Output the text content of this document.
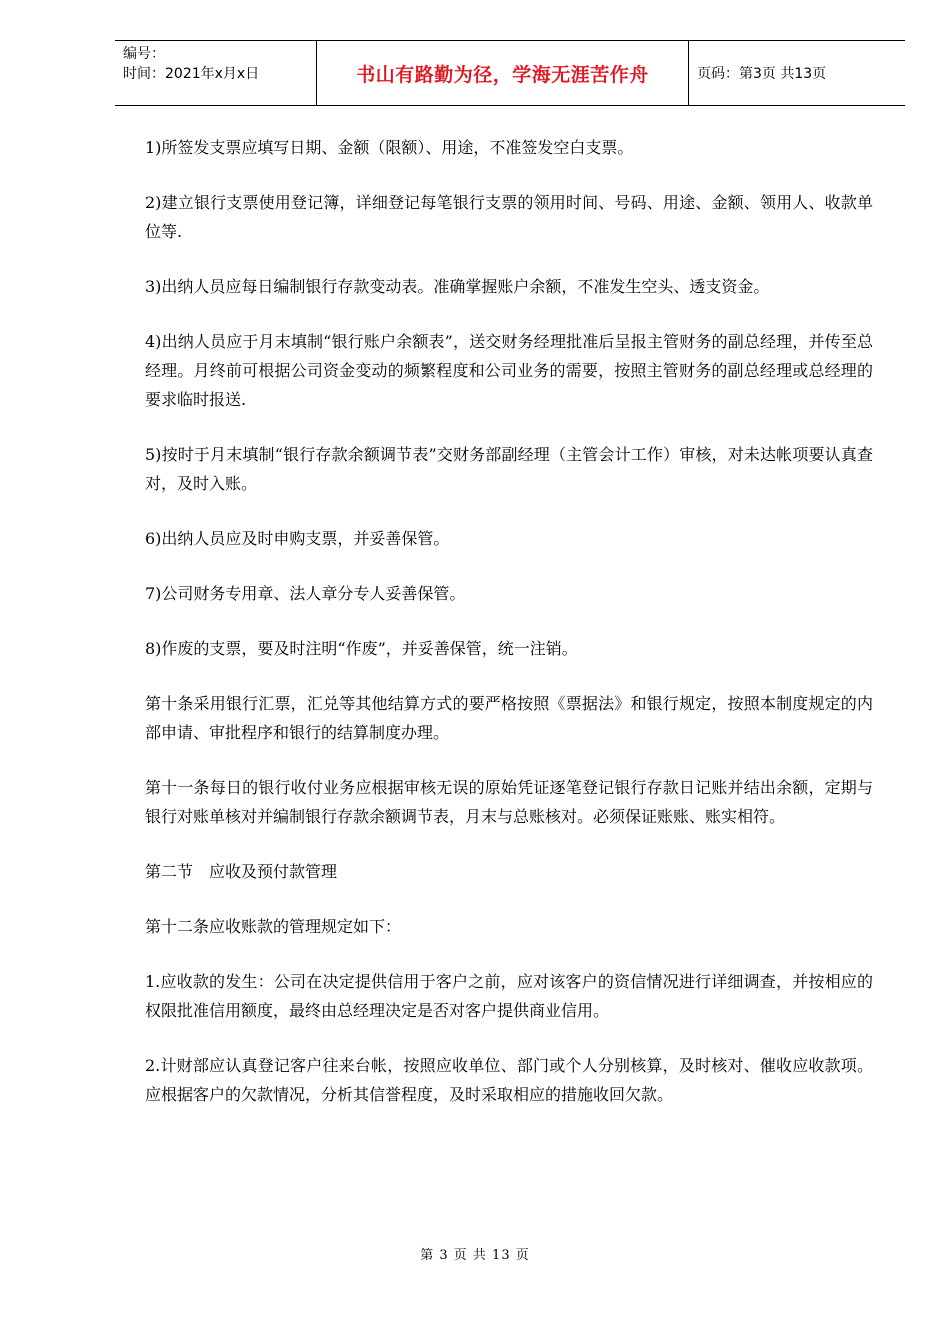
编号：
时间：2021年x月x日	书山有路勤为径，学海无涯苦作舟	页码：第3页 共13页

1)所签发支票应填写日期、金额（限额）、用途，不准签发空白支票。

2)建立银行支票使用登记簿，详细登记每笔银行支票的领用时间、号码、用途、金额、领用人、收款单位等.

3)出纳人员应每日编制银行存款变动表。准确掌握账户余额，不准发生空头、透支资金。

4)出纳人员应于月末填制“银行账户余额表”，送交财务经理批准后呈报主管财务的副总经理，并传至总经理。月终前可根据公司资金变动的频繁程度和公司业务的需要，按照主管财务的副总经理或总经理的要求临时报送.

5)按时于月末填制“银行存款余额调节表”交财务部副经理（主管会计工作）审核，对未达帐项要认真查对，及时入账。

6)出纳人员应及时申购支票，并妥善保管。

7)公司财务专用章、法人章分专人妥善保管。

8)作废的支票，要及时注明“作废”，并妥善保管，统一注销。

第十条采用银行汇票，汇兑等其他结算方式的要严格按照《票据法》和银行规定，按照本制度规定的内部申请、审批程序和银行的结算制度办理。

第十一条每日的银行收付业务应根据审核无误的原始凭证逐笔登记银行存款日记账并结出余额，定期与银行对账单核对并编制银行存款余额调节表，月末与总账核对。必须保证账账、账实相符。

第二节　应收及预付款管理

第十二条应收账款的管理规定如下：

1.应收款的发生：公司在决定提供信用于客户之前，应对该客户的资信情况进行详细调查，并按相应的权限批准信用额度，最终由总经理决定是否对客户提供商业信用。

2.计财部应认真登记客户往来台帐，按照应收单位、部门或个人分别核算，及时核对、催收应收款项。应根据客户的欠款情况，分析其信誉程度，及时采取相应的措施收回欠款。

第 3 页 共 13 页
